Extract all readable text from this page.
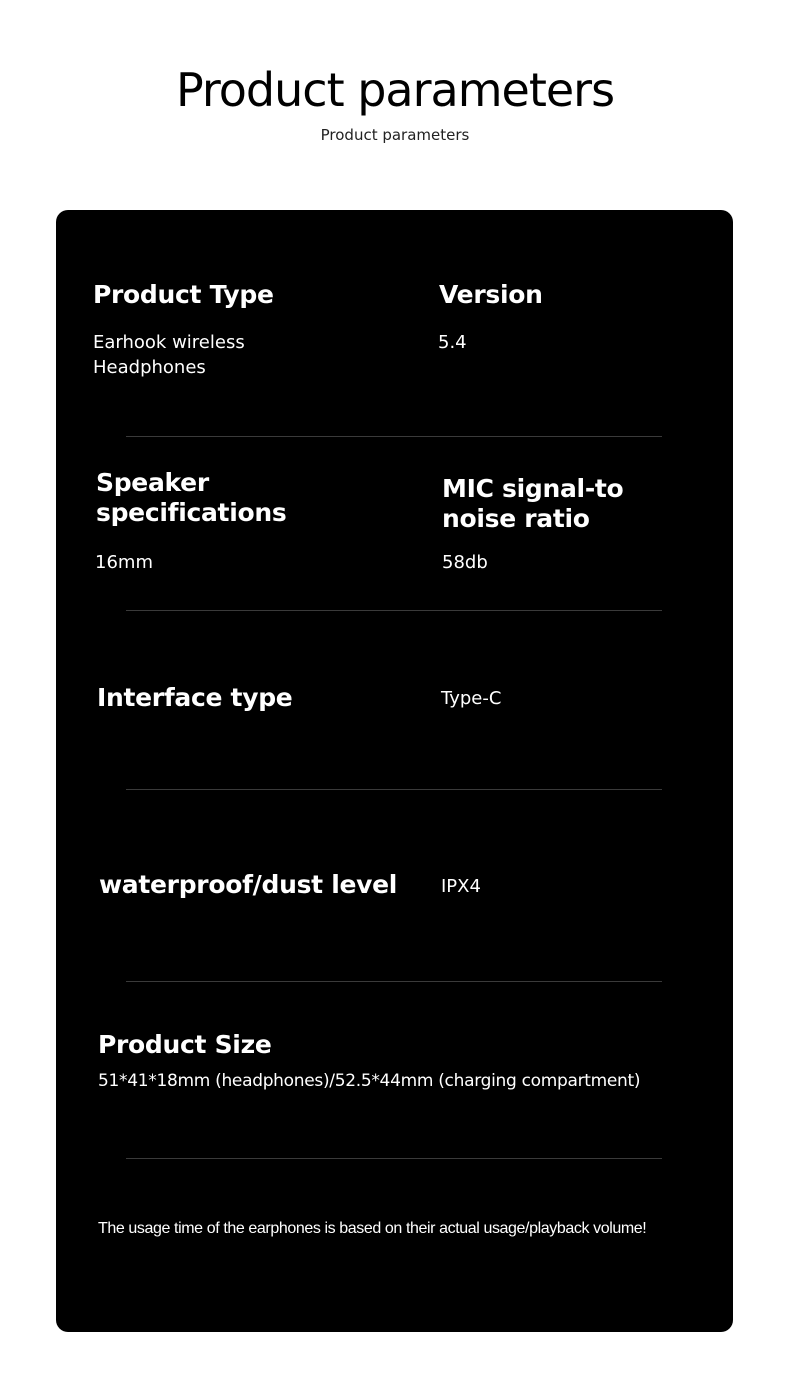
Product parameters
Product parameters
Product Type
Earhook wireless
Headphones
Version
5.4
Speaker
specifications
16mm
MIC signal-to
noise ratio
58db
Interface type	Type-C
waterproof/dust level IPX4
Product Size
51*41*18mm (headphones)/52.5*44mm (charging compartment)
The usage time of the earphones is based on their actual usage/playback volume!
